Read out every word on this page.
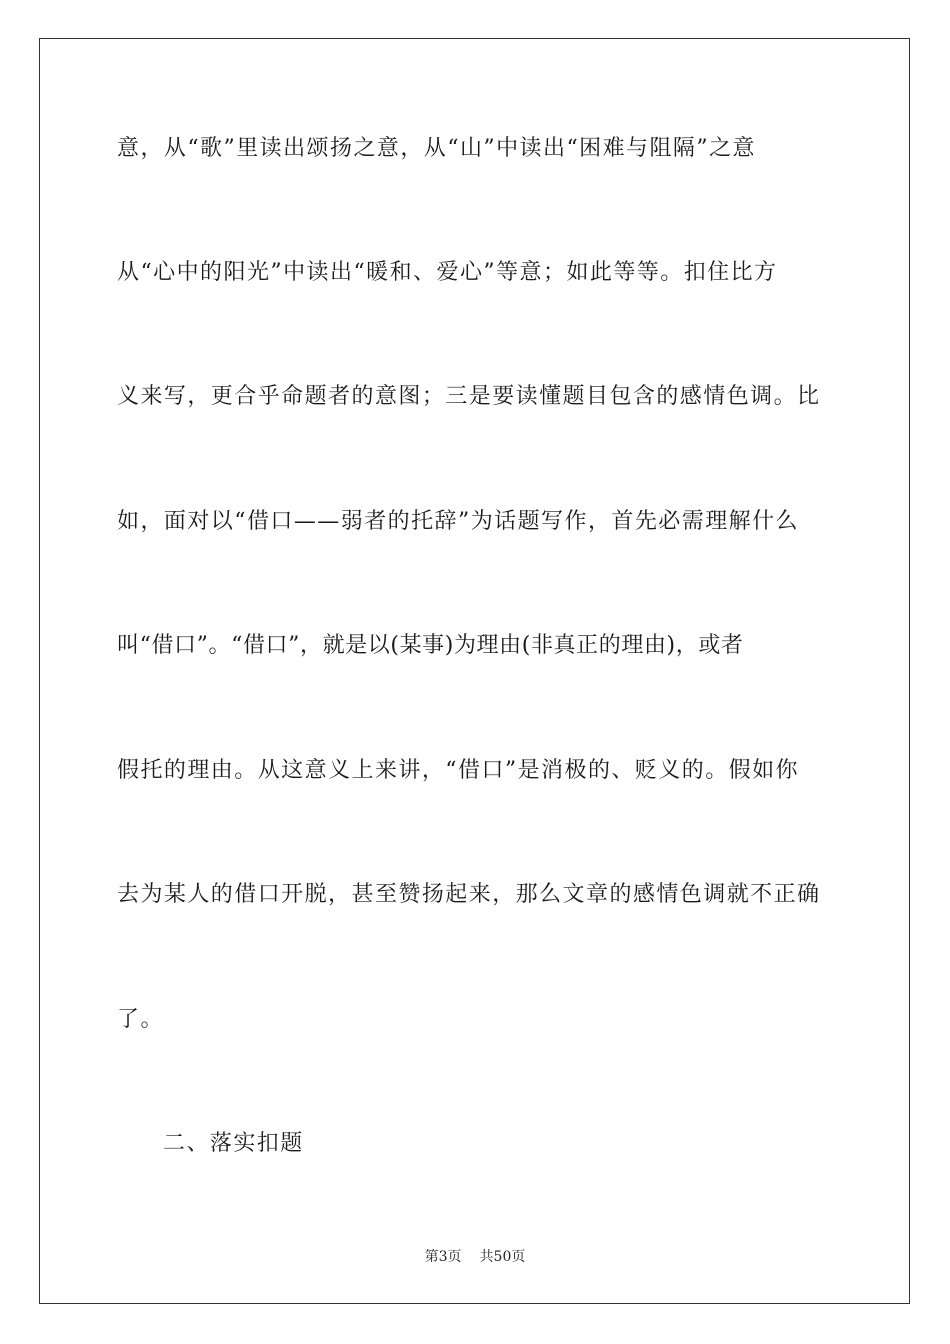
意，从“歌”里读出颂扬之意，从“山”中读出“困难与阻隔”之意
从“心中的阳光”中读出“暖和、爱心”等意；如此等等。扣住比方
义来写，更合乎命题者的意图；三是要读懂题目包含的感情色调。比
如，面对以“借口——弱者的托辞”为话题写作，首先必需理解什么
叫“借口”。“借口”，就是以(某事)为理由(非真正的理由)，或者
假托的理由。从这意义上来讲，“借口”是消极的、贬义的。假如你
去为某人的借口开脱，甚至赞扬起来，那么文章的感情色调就不正确
了。
二、落实扣题
第3页 共50页
